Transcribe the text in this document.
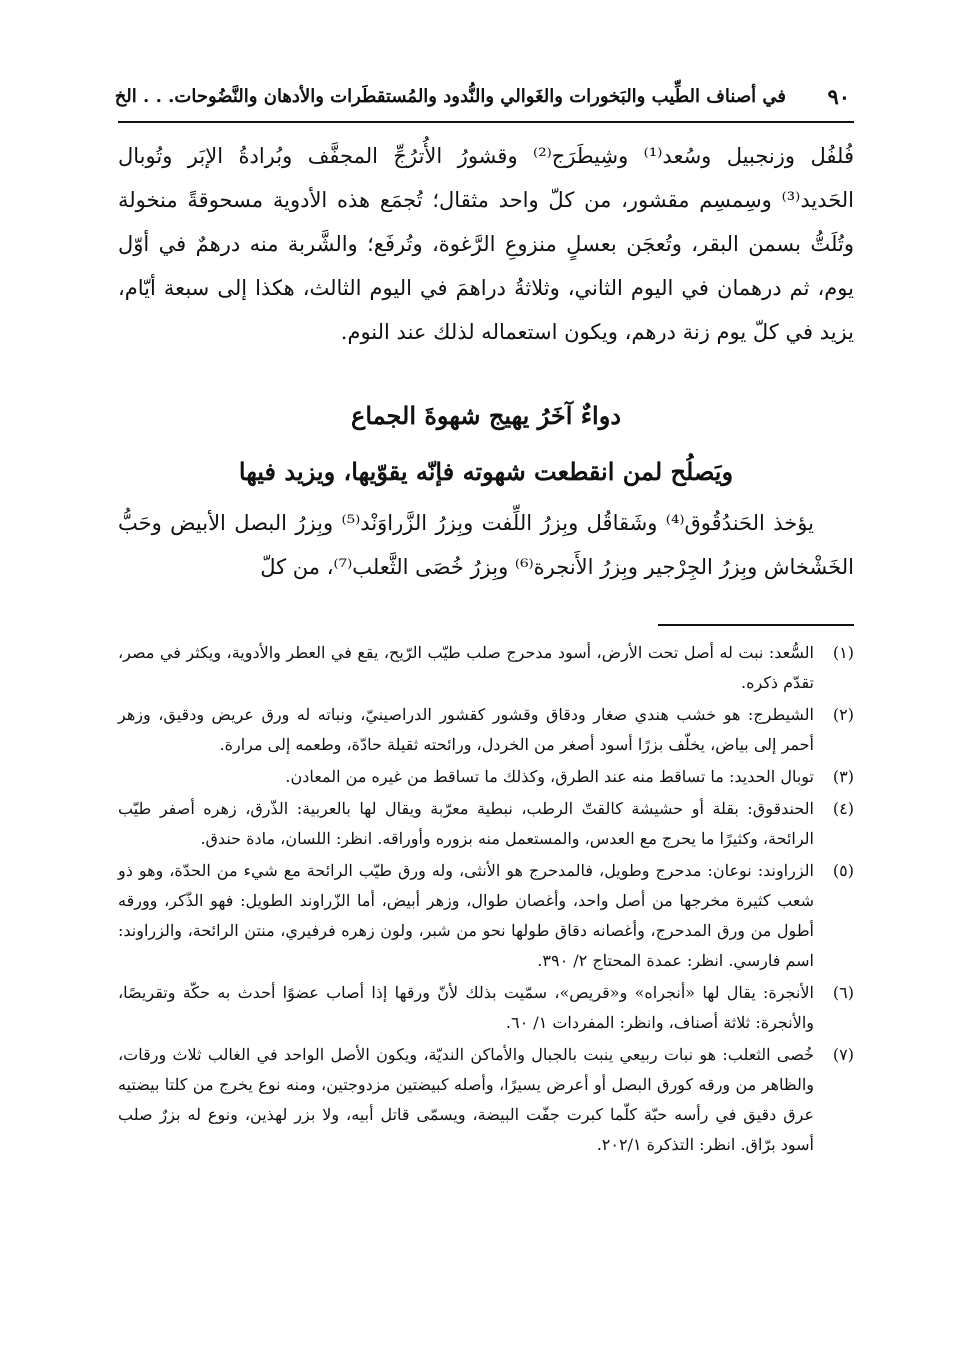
٩٠
في أصناف الطِّيب والبَخورات والغَوالي والنُّدود والمُستقطَرات والأدهان والنَّضُوحات. . . الخ

فُلفُل وزنجبيل وسُعد⁽¹⁾ وشِيطَرَج⁽²⁾ وقشورُ الأُترُجِّ المجفَّف وبُرادةُ الإبَر وتُوبال الحَديد⁽³⁾ وسِمسِم مقشور، من كلّ واحد مثقال؛ تُجمَع هذه الأدوية مسحوقةً منخولة وتُلَتُّ بسمن البقر، وتُعجَن بعسلٍ منزوعِ الرَّغوة، وتُرفَع؛ والشَّربة منه درهمٌ في أوّل يوم، ثم درهمان في اليوم الثاني، وثلاثةُ دراهمَ في اليوم الثالث، هكذا إلى سبعة أيّام، يزيد في كلّ يوم زنة درهم، ويكون استعماله لذلك عند النوم.

دواءٌ آخَرُ يهيج شهوةَ الجماع
ويَصلُح لمن انقطعت شهوته فإنّه يقوّيها، ويزيد فيها

يؤخذ الحَندُقُوق⁽⁴⁾ وشَقاقُل وبِزرُ اللِّفت وبِزرُ الزَّراوَنْد⁽⁵⁾ وبِزرُ البصل الأبيض وحَبُّ الخَشْخاش وبِزرُ الجِرْجير وبِزرُ الأَنجرة⁽⁶⁾ وبِزرُ خُصَى الثَّعلب⁽⁷⁾، من كلّ

(١)
السُّعد: نبت له أصل تحت الأرض، أسود مدحرج صلب طيّب الرّيح، يقع في العطر والأدوية، ويكثر في مصر، تقدّم ذكره.
(٢)
الشيطرج: هو خشب هندي صغار ودقاق وقشور كقشور الدراصينيّ، ونباته له ورق عريض ودقيق، وزهر أحمر إلى بياض، يخلّف بزرًا أسود أصغر من الخردل، ورائحته ثقيلة حادّة، وطعمه إلى مرارة.
(٣)
توبال الحديد: ما تساقط منه عند الطرق، وكذلك ما تساقط من غيره من المعادن.
(٤)
الحندقوق: بقلة أو حشيشة كالقتّ الرطب، نبطية معرّبة ويقال لها بالعربية: الذّرق، زهره أصفر طيّب الرائحة، وكثيرًا ما يحرج مع العدس، والمستعمل منه بزوره وأوراقه. انظر: اللسان، مادة حندق.
(٥)
الزراوند: نوعان: مدحرج وطويل، فالمدحرج هو الأنثى، وله ورق طيّب الرائحة مع شيء من الحدّة، وهو ذو شعب كثيرة مخرجها من أصل واحد، وأغصان طوال، وزهر أبيض، أما الزّراوند الطويل: فهو الذّكر، وورقه أطول من ورق المدحرج، وأغصانه دقاق طولها نحو من شبر، ولون زهره فرفيري، منتن الرائحة، والزراوند: اسم فارسي. انظر: عمدة المحتاج ٢/ ٣٩٠.
(٦)
الأنجرة: يقال لها «أنجراه» و«قريص»، سمّيت بذلك لأنّ ورقها إذا أصاب عضوًا أحدث به حكّة وتقريصًا، والأنجرة: ثلاثة أصناف، وانظر: المفردات ١/ ٦٠.
(٧)
خُصى الثعلب: هو نبات ربيعي ينبت بالجبال والأماكن النديّة، ويكون الأصل الواحد في الغالب ثلاث ورقات، والظاهر من ورقه كورق البصل أو أعرض يسيرًا، وأصله كبيضتين مزدوجتين، ومنه نوع يخرج من كلتا بيضتيه عرق دقيق في رأسه حبّة كلّما كبرت جفّت البيضة، ويسمّى قاتل أبيه، ولا بزر لهذين، ونوع له بزرٌ صلب أسود برّاق. انظر: التذكرة ٢٠٢/١.
